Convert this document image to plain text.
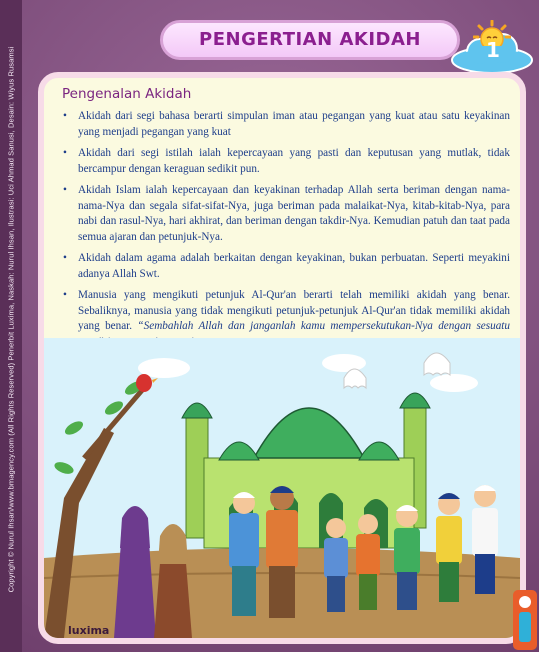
Copyright © Nurul Ihsan/www.bmagency.com (All Rights Reserved) Penerbit Luxima, Naskah: Nurul Ihsan, Ilustrasi: Uci Ahmad Sanusi, Desain: Wiyus Rusamsi
PENGERTIAN AKIDAH	1
Pengenalan Akidah
• Akidah dari segi bahasa berarti simpulan iman atau pegangan yang kuat atau satu keyakinan yang menjadi pegangan yang kuat
• Akidah dari segi istilah ialah kepercayaan yang pasti dan keputusan yang mutlak, tidak bercampur dengan keraguan sedikit pun.
• Akidah Islam ialah kepercayaan dan keyakinan terhadap Allah serta beriman dengan nama-nama-Nya dan segala sifat-sifat-Nya, juga beriman pada malaikat-Nya, kitab-kitab-Nya, para nabi dan rasul-Nya, hari akhirat, dan beriman dengan takdir-Nya. Kemudian patuh dan taat pada semua ajaran dan petunjuk-Nya.
• Akidah dalam agama adalah berkaitan dengan keyakinan, bukan perbuatan. Seperti meyakini adanya Allah Swt.
• Manusia yang mengikuti petunjuk Al-Qur'an berarti telah memiliki akidah yang benar. Sebaliknya, manusia yang tidak mengikuti petunjuk-petunjuk Al-Qur'an tidak memiliki akidah yang benar. “Sembahlah Allah dan janganlah kamu mempersekutukan-Nya dengan sesuatu
luxima
